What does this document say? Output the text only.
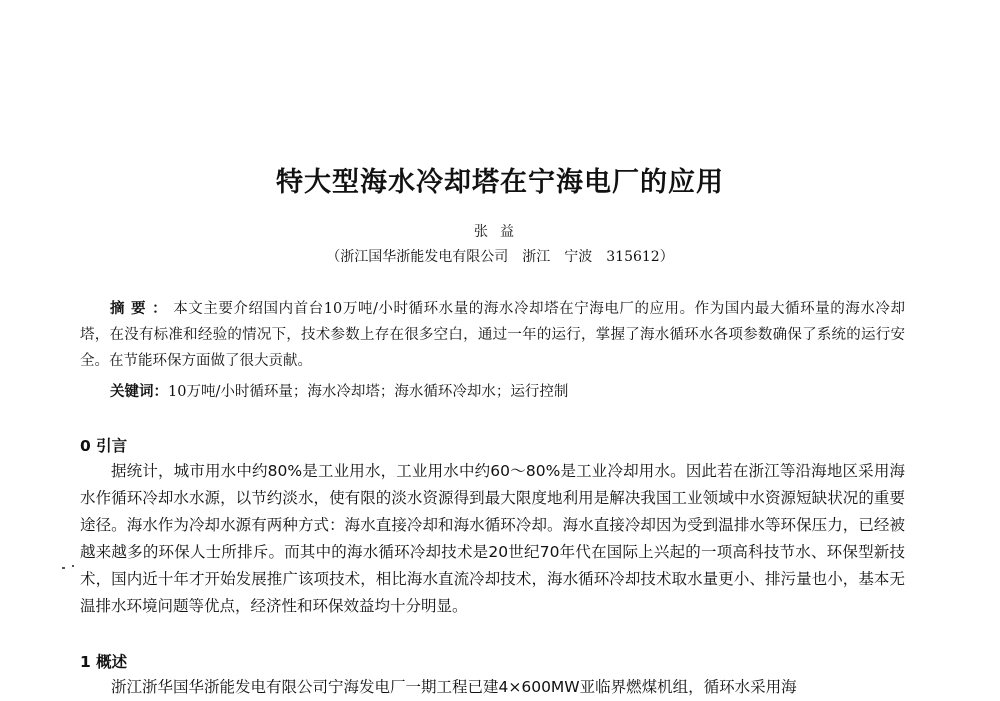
特大型海水冷却塔在宁海电厂的应用
张益
（浙江国华浙能发电有限公司　浙江　宁波　315612）

摘要：本文主要介绍国内首台10万吨/小时循环水量的海水冷却塔在宁海电厂的应用。作为国内最大循环量的海水冷却塔，在没有标准和经验的情况下，技术参数上存在很多空白，通过一年的运行，掌握了海水循环水各项参数确保了系统的运行安全。在节能环保方面做了很大贡献。

关键词：10万吨/小时循环量；海水冷却塔；海水循环冷却水；运行控制

0 引言

据统计，城市用水中约80%是工业用水，工业用水中约60～80%是工业冷却用水。因此若在浙江等沿海地区采用海水作循环冷却水水源，以节约淡水，使有限的淡水资源得到最大限度地利用是解决我国工业领域中水资源短缺状况的重要途径。海水作为冷却水源有两种方式：海水直接冷却和海水循环冷却。海水直接冷却因为受到温排水等环保压力，已经被越来越多的环保人士所排斥。而其中的海水循环冷却技术是20世纪70年代在国际上兴起的一项高科技节水、环保型新技术，国内近十年才开始发展推广该项技术，相比海水直流冷却技术，海水循环冷却技术取水量更小、排污量也小，基本无温排水环境问题等优点，经济性和环保效益均十分明显。

1 概述

浙江浙华国华浙能发电有限公司宁海发电厂一期工程已建4×600MW亚临界燃煤机组，循环水采用海
